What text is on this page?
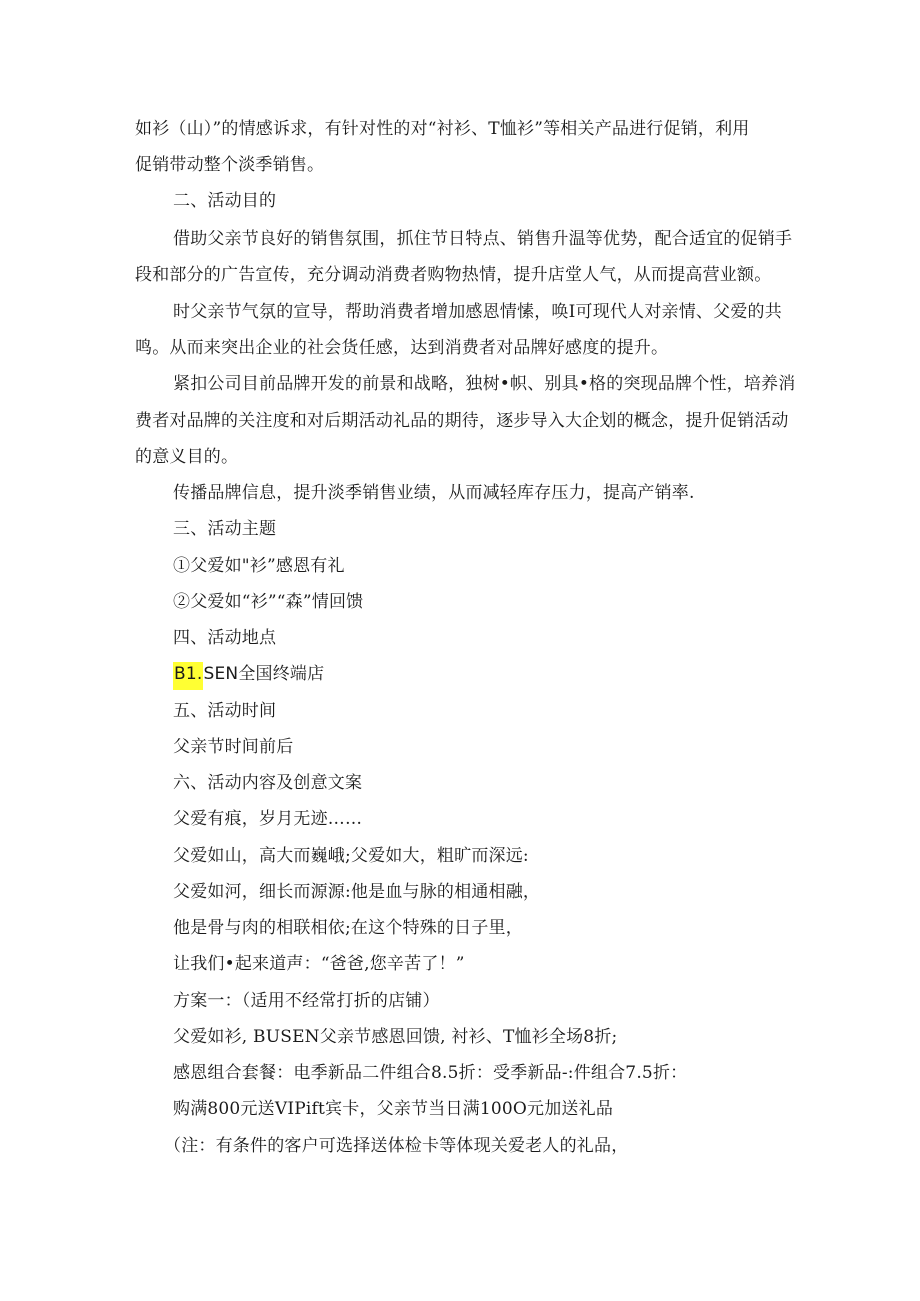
如衫（山）”的情感诉求，有针对性的对“衬衫、T恤衫”等相关产品进行促销，利用
促销带动整个淡季销售。
二、活动目的
借助父亲节良好的销售氛围，抓住节日特点、销售升温等优势，配合适宜的促销手
段和部分的广告宣传，充分调动消费者购物热情，提升店堂人气，从而提高营业额。
时父亲节气氛的宣导，帮助消费者增加感恩情愫，唤I可现代人对亲情、父爱的共
鸣。从而来突出企业的社会货任感，达到消费者对品牌好感度的提升。
紧扣公司目前品牌开发的前景和战略，独树•帜、别具•格的突现品牌个性，培养消
费者对品牌的关注度和对后期活动礼品的期待，逐步导入大企划的概念，提升促销活动
的意义目的。
传播品牌信息，提升淡季销售业绩，从而减轻库存压力，提高产销率.
三、活动主题
①父爱如"衫”感恩有礼
②父爱如“衫”“森”情回馈
四、活动地点
B1.SEN全国终端店
五、活动时间
父亲节时间前后
六、活动内容及创意文案
父爱有痕，岁月无迹……
父爱如山，高大而巍峨;父爱如大，粗旷而深远:
父爱如河，细长而源源:他是血与脉的相通相融，
他是骨与肉的相联相依;在这个特殊的日子里，
让我们•起来道声：“爸爸,您辛苦了！”
方案一：（适用不经常打折的店铺）
父爱如衫, BUSEN父亲节感恩回馈, 衬衫、T恤衫全场8折;
感恩组合套餐：电季新品二件组合8.5折：受季新品-:件组合7.5折：
购满800元送VIPift宾卡，父亲节当日满100O元加送礼品
（注：有条件的客户可选择送体检卡等体现关爱老人的礼品，
